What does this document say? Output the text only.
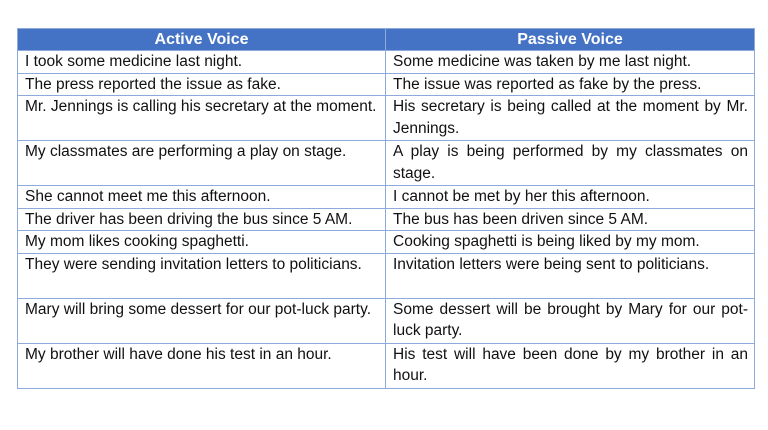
Active Voice	Passive Voice
I took some medicine last night.	Some medicine was taken by me last night.
The press reported the issue as fake.	The issue was reported as fake by the press.
Mr. Jennings is calling his secretary at the moment.	His secretary is being called at the moment by Mr. Jennings.
My classmates are performing a play on stage.	A play is being performed by my classmates on stage.
She cannot meet me this afternoon.	I cannot be met by her this afternoon.
The driver has been driving the bus since 5 AM.	The bus has been driven since 5 AM.
My mom likes cooking spaghetti.	Cooking spaghetti is being liked by my mom.
They were sending invitation letters to politicians.	Invitation letters were being sent to politicians.
Mary will bring some dessert for our pot-luck party.	Some dessert will be brought by Mary for our pot-luck party.
My brother will have done his test in an hour.	His test will have been done by my brother in an hour.
